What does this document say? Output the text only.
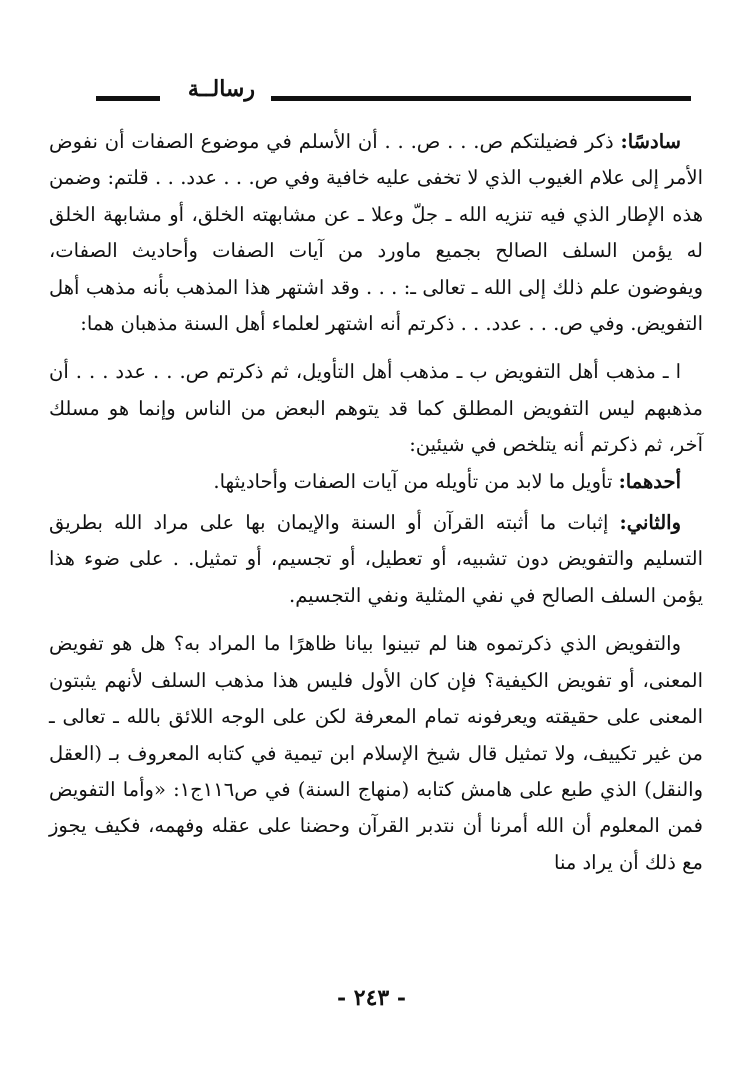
رسالــة

سادسًا: ذكر فضيلتكم ص. . . ص. . . أن الأسلم في موضوع الصفات أن نفوض الأمر إلى علام الغيوب الذي لا تخفى عليه خافية وفي ص. . . عدد. . . قلتم: وضمن هذه الإطار الذي فيه تنزيه الله ـ جلّ وعلا ـ عن مشابهته الخلق، أو مشابهة الخلق له يؤمن السلف الصالح بجميع ماورد من آيات الصفات وأحاديث الصفات، ويفوضون علم ذلك إلى الله ـ تعالى ـ: . . . وقد اشتهر هذا المذهب بأنه مذهب أهل التفويض. وفي ص. . . عدد. . . ذكرتم أنه اشتهر لعلماء أهل السنة مذهبان هما:

ا ـ مذهب أهل التفويض ب ـ مذهب أهل التأويل، ثم ذكرتم ص. . . عدد . . . أن مذهبهم ليس التفويض المطلق كما قد يتوهم البعض من الناس وإنما هو مسلك آخر، ثم ذكرتم أنه يتلخص في شيئين:

أحدهما: تأويل ما لابد من تأويله من آيات الصفات وأحاديثها.

والثاني: إثبات ما أثبته القرآن أو السنة والإيمان بها على مراد الله بطريق التسليم والتفويض دون تشبيه، أو تعطيل، أو تجسيم، أو تمثيل. . على ضوء هذا يؤمن السلف الصالح في نفي المثلية ونفي التجسيم.

والتفويض الذي ذكرتموه هنا لم تبينوا بيانا ظاهرًا ما المراد به؟ هل هو تفويض المعنى، أو تفويض الكيفية؟ فإن كان الأول فليس هذا مذهب السلف لأنهم يثبتون المعنى على حقيقته ويعرفونه تمام المعرفة لكن على الوجه اللائق بالله ـ تعالى ـ من غير تكييف، ولا تمثيل قال شيخ الإسلام ابن تيمية في كتابه المعروف بـ (العقل والنقل) الذي طبع على هامش كتابه (منهاج السنة) في ص١١٦ج١: «وأما التفويض فمن المعلوم أن الله أمرنا أن نتدبر القرآن وحضنا على عقله وفهمه، فكيف يجوز مع ذلك أن يراد منا

- ٢٤٣ -
